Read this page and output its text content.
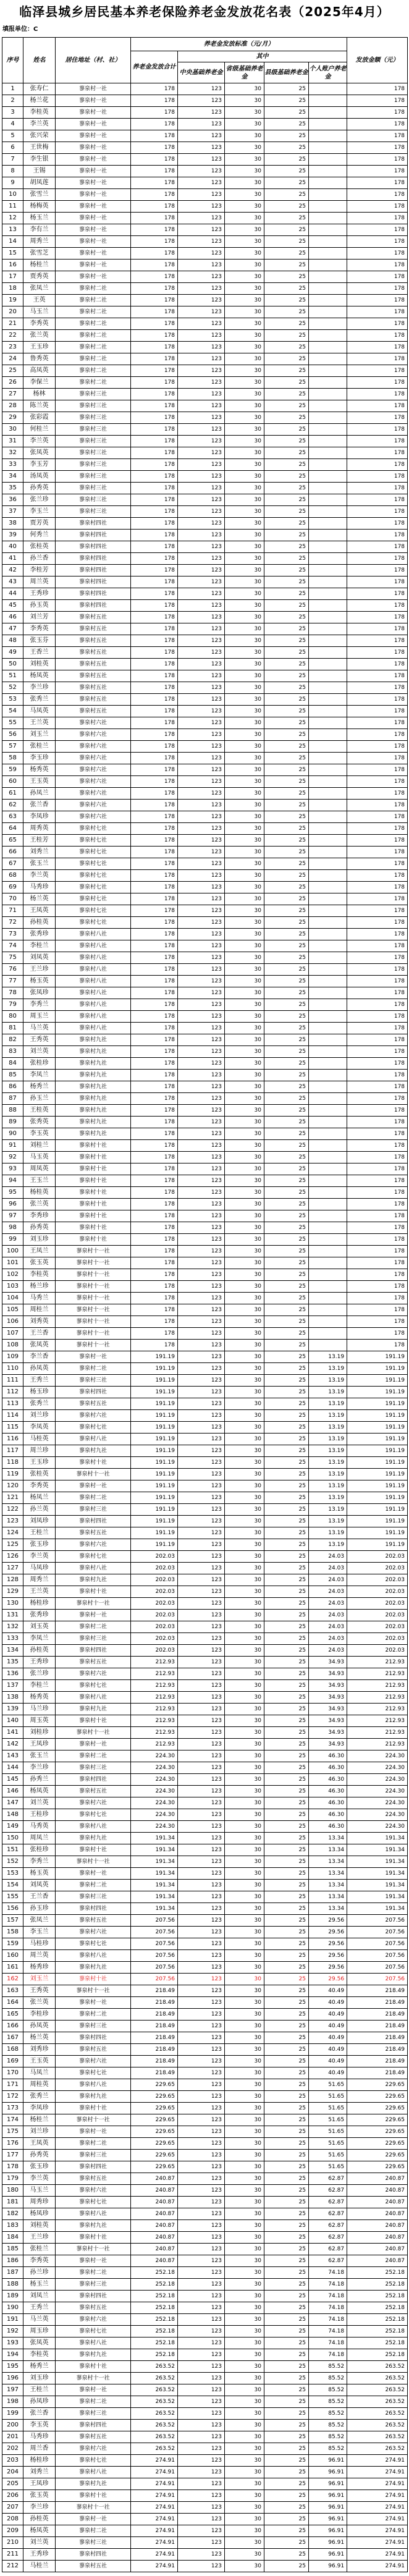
临泽县城乡居民基本养老保险养老金发放花名表（2025年4月）
填报单位：C
序号	姓名	居住地址（村、社）	养老金发放标准（元/月）					发放金额（元）
			养老金发放合计	其中				
				中央基础养老金	省级基础养老金	县级基础养老金	个人账户养老金	
1	张寿仁	蓼泉村一社	178	123	30	25		178
2	杨兰花	蓼泉村一社	178	123	30	25		178
3	李桂英	蓼泉村一社	178	123	30	25		178
4	李兰英	蓼泉村一社	178	123	30	25		178
5	张兴荣	蓼泉村一社	178	123	30	25		178
6	王世梅	蓼泉村一社	178	123	30	25		178
7	李生银	蓼泉村一社	178	123	30	25		178
8	王锡	蓼泉村一社	178	123	30	25		178
9	胡凤莲	蓼泉村一社	178	123	30	25		178
10	张雪兰	蓼泉村一社	178	123	30	25		178
11	杨梅英	蓼泉村一社	178	123	30	25		178
12	杨玉兰	蓼泉村一社	178	123	30	25		178
13	李有兰	蓼泉村一社	178	123	30	25		178
14	周秀兰	蓼泉村一社	178	123	30	25		178
15	张雪芝	蓼泉村一社	178	123	30	25		178
16	杨桂兰	蓼泉村一社	178	123	30	25		178
17	贾秀英	蓼泉村一社	178	123	30	25		178
18	张凤兰	蓼泉村二社	178	123	30	25		178
19	王英	蓼泉村二社	178	123	30	25		178
20	马玉兰	蓼泉村二社	178	123	30	25		178
21	李秀英	蓼泉村二社	178	123	30	25		178
22	张兰英	蓼泉村二社	178	123	30	25		178
23	王玉珍	蓼泉村二社	178	123	30	25		178
24	鲁秀英	蓼泉村二社	178	123	30	25		178
25	高凤英	蓼泉村二社	178	123	30	25		178
26	李保兰	蓼泉村二社	178	123	30	25		178
27	杨林	蓼泉村三社	178	123	30	25		178
28	陈兰英	蓼泉村三社	178	123	30	25		178
29	张彩霞	蓼泉村三社	178	123	30	25		178
30	何桂兰	蓼泉村三社	178	123	30	25		178
31	李兰英	蓼泉村三社	178	123	30	25		178
32	张凤英	蓼泉村三社	178	123	30	25		178
33	李玉芳	蓼泉村三社	178	123	30	25		178
34	汤凤英	蓼泉村三社	178	123	30	25		178
35	孙秀英	蓼泉村三社	178	123	30	25		178
36	张兰珍	蓼泉村三社	178	123	30	25		178
37	李玉兰	蓼泉村三社	178	123	30	25		178
38	贾芳英	蓼泉村四社	178	123	30	25		178
39	何秀兰	蓼泉村四社	178	123	30	25		178
40	张桂英	蓼泉村四社	178	123	30	25		178
41	孙兰香	蓼泉村四社	178	123	30	25		178
42	李桂芳	蓼泉村四社	178	123	30	25		178
43	周兰英	蓼泉村四社	178	123	30	25		178
44	王秀珍	蓼泉村四社	178	123	30	25		178
45	孙玉英	蓼泉村四社	178	123	30	25		178
46	刘兰芳	蓼泉村五社	178	123	30	25		178
47	李秀英	蓼泉村五社	178	123	30	25		178
48	张玉芬	蓼泉村五社	178	123	30	25		178
49	王香兰	蓼泉村五社	178	123	30	25		178
50	刘桂英	蓼泉村五社	178	123	30	25		178
51	杨凤英	蓼泉村五社	178	123	30	25		178
52	李兰珍	蓼泉村五社	178	123	30	25		178
53	张秀兰	蓼泉村五社	178	123	30	25		178
54	马凤英	蓼泉村五社	178	123	30	25		178
55	王兰英	蓼泉村六社	178	123	30	25		178
56	刘玉兰	蓼泉村六社	178	123	30	25		178
57	张桂兰	蓼泉村六社	178	123	30	25		178
58	李玉珍	蓼泉村六社	178	123	30	25		178
59	杨秀英	蓼泉村六社	178	123	30	25		178
60	王玉英	蓼泉村六社	178	123	30	25		178
61	孙凤兰	蓼泉村六社	178	123	30	25		178
62	张兰香	蓼泉村六社	178	123	30	25		178
63	李凤珍	蓼泉村六社	178	123	30	25		178
64	周秀英	蓼泉村七社	178	123	30	25		178
65	王桂芳	蓼泉村七社	178	123	30	25		178
66	刘秀兰	蓼泉村七社	178	123	30	25		178
67	张玉兰	蓼泉村七社	178	123	30	25		178
68	李兰英	蓼泉村七社	178	123	30	25		178
69	马秀珍	蓼泉村七社	178	123	30	25		178
70	杨兰英	蓼泉村七社	178	123	30	25		178
71	王凤英	蓼泉村七社	178	123	30	25		178
72	孙桂英	蓼泉村七社	178	123	30	25		178
73	张秀珍	蓼泉村八社	178	123	30	25		178
74	李桂兰	蓼泉村八社	178	123	30	25		178
75	刘凤英	蓼泉村八社	178	123	30	25		178
76	王兰珍	蓼泉村八社	178	123	30	25		178
77	杨玉英	蓼泉村八社	178	123	30	25		178
78	张凤珍	蓼泉村八社	178	123	30	25		178
79	李秀兰	蓼泉村八社	178	123	30	25		178
80	周玉兰	蓼泉村八社	178	123	30	25		178
81	马兰英	蓼泉村八社	178	123	30	25		178
82	王秀英	蓼泉村九社	178	123	30	25		178
83	刘兰英	蓼泉村九社	178	123	30	25		178
84	张桂珍	蓼泉村九社	178	123	30	25		178
85	李凤兰	蓼泉村九社	178	123	30	25		178
86	杨秀兰	蓼泉村九社	178	123	30	25		178
87	孙玉兰	蓼泉村九社	178	123	30	25		178
88	王桂英	蓼泉村九社	178	123	30	25		178
89	张秀英	蓼泉村九社	178	123	30	25		178
90	李玉英	蓼泉村九社	178	123	30	25		178
91	刘桂兰	蓼泉村十社	178	123	30	25		178
92	马玉英	蓼泉村十社	178	123	30	25		178
93	周凤英	蓼泉村十社	178	123	30	25		178
94	王玉兰	蓼泉村十社	178	123	30	25		178
95	杨桂英	蓼泉村十社	178	123	30	25		178
96	张兰英	蓼泉村十社	178	123	30	25		178
97	李秀珍	蓼泉村十社	178	123	30	25		178
98	孙秀英	蓼泉村十社	178	123	30	25		178
99	刘玉珍	蓼泉村十社	178	123	30	25		178
100	王凤兰	蓼泉村十一社	178	123	30	25		178
101	张玉英	蓼泉村十一社	178	123	30	25		178
102	李桂英	蓼泉村十一社	178	123	30	25		178
103	杨兰珍	蓼泉村十一社	178	123	30	25		178
104	马秀兰	蓼泉村十一社	178	123	30	25		178
105	周桂兰	蓼泉村十一社	178	123	30	25		178
106	刘秀英	蓼泉村十一社	178	123	30	25		178
107	王兰香	蓼泉村十一社	178	123	30	25		178
108	张凤英	蓼泉村十一社	178	123	30	25		178
109	李兰香	蓼泉村一社	191.19	123	30	25	13.19	191.19
110	孙凤英	蓼泉村二社	191.19	123	30	25	13.19	191.19
111	王秀兰	蓼泉村三社	191.19	123	30	25	13.19	191.19
112	杨玉珍	蓼泉村四社	191.19	123	30	25	13.19	191.19
113	张秀兰	蓼泉村五社	191.19	123	30	25	13.19	191.19
114	刘兰珍	蓼泉村六社	191.19	123	30	25	13.19	191.19
115	李凤英	蓼泉村七社	191.19	123	30	25	13.19	191.19
116	马桂英	蓼泉村八社	191.19	123	30	25	13.19	191.19
117	周兰珍	蓼泉村九社	191.19	123	30	25	13.19	191.19
118	王玉珍	蓼泉村十社	191.19	123	30	25	13.19	191.19
119	张桂英	蓼泉村十一社	191.19	123	30	25	13.19	191.19
120	李秀英	蓼泉村一社	191.19	123	30	25	13.19	191.19
121	杨凤兰	蓼泉村二社	191.19	123	30	25	13.19	191.19
122	孙兰英	蓼泉村三社	191.19	123	30	25	13.19	191.19
123	刘凤珍	蓼泉村四社	191.19	123	30	25	13.19	191.19
124	王桂兰	蓼泉村五社	191.19	123	30	25	13.19	191.19
125	张玉珍	蓼泉村六社	191.19	123	30	25	13.19	191.19
126	李兰英	蓼泉村七社	202.03	123	30	25	24.03	202.03
127	马凤珍	蓼泉村八社	202.03	123	30	25	24.03	202.03
128	周秀兰	蓼泉村九社	202.03	123	30	25	24.03	202.03
129	王兰英	蓼泉村十社	202.03	123	30	25	24.03	202.03
130	杨桂珍	蓼泉村十一社	202.03	123	30	25	24.03	202.03
131	张秀珍	蓼泉村一社	202.03	123	30	25	24.03	202.03
132	刘玉英	蓼泉村二社	202.03	123	30	25	24.03	202.03
133	李凤兰	蓼泉村三社	202.03	123	30	25	24.03	202.03
134	孙桂英	蓼泉村四社	202.03	123	30	25	24.03	202.03
135	王秀珍	蓼泉村五社	212.93	123	30	25	34.93	212.93
136	张兰珍	蓼泉村六社	212.93	123	30	25	34.93	212.93
137	李桂兰	蓼泉村七社	212.93	123	30	25	34.93	212.93
138	杨秀英	蓼泉村八社	212.93	123	30	25	34.93	212.93
139	马兰珍	蓼泉村九社	212.93	123	30	25	34.93	212.93
140	周玉英	蓼泉村十社	212.93	123	30	25	34.93	212.93
141	刘桂珍	蓼泉村十一社	212.93	123	30	25	34.93	212.93
142	王凤珍	蓼泉村一社	212.93	123	30	25	34.93	212.93
143	张玉兰	蓼泉村二社	224.30	123	30	25	46.30	224.30
144	李兰珍	蓼泉村三社	224.30	123	30	25	46.30	224.30
145	孙秀兰	蓼泉村四社	224.30	123	30	25	46.30	224.30
146	杨凤英	蓼泉村五社	224.30	123	30	25	46.30	224.30
147	刘兰英	蓼泉村六社	224.30	123	30	25	46.30	224.30
148	王桂珍	蓼泉村七社	224.30	123	30	25	46.30	224.30
149	马秀英	蓼泉村八社	224.30	123	30	25	46.30	224.30
150	周凤兰	蓼泉村九社	191.34	123	30	25	13.34	191.34
151	张桂珍	蓼泉村十社	191.34	123	30	25	13.34	191.34
152	李秀兰	蓼泉村十一社	191.34	123	30	25	13.34	191.34
153	杨玉英	蓼泉村一社	191.34	123	30	25	13.34	191.34
154	刘凤英	蓼泉村二社	191.34	123	30	25	13.34	191.34
155	王兰香	蓼泉村三社	191.34	123	30	25	13.34	191.34
156	孙玉珍	蓼泉村四社	191.34	123	30	25	13.34	191.34
157	张凤兰	蓼泉村五社	207.56	123	30	25	29.56	207.56
158	李玉兰	蓼泉村六社	207.56	123	30	25	29.56	207.56
159	马桂珍	蓼泉村七社	207.56	123	30	25	29.56	207.56
160	周兰英	蓼泉村八社	207.56	123	30	25	29.56	207.56
161	杨秀珍	蓼泉村九社	207.56	123	30	25	29.56	207.56
162	刘玉兰	蓼泉村十社	207.56	123	30	25	29.56	207.56
163	王秀英	蓼泉村十一社	218.49	123	30	25	40.49	218.49
164	张兰英	蓼泉村一社	218.49	123	30	25	40.49	218.49
165	李桂珍	蓼泉村二社	218.49	123	30	25	40.49	218.49
166	孙凤英	蓼泉村三社	218.49	123	30	25	40.49	218.49
167	杨兰英	蓼泉村四社	218.49	123	30	25	40.49	218.49
168	刘秀珍	蓼泉村五社	218.49	123	30	25	40.49	218.49
169	王玉英	蓼泉村六社	218.49	123	30	25	40.49	218.49
170	马凤兰	蓼泉村七社	218.49	123	30	25	40.49	218.49
171	周桂英	蓼泉村八社	229.65	123	30	25	51.65	229.65
172	张秀兰	蓼泉村九社	229.65	123	30	25	51.65	229.65
173	李凤珍	蓼泉村十社	229.65	123	30	25	51.65	229.65
174	杨桂兰	蓼泉村十一社	229.65	123	30	25	51.65	229.65
175	刘兰珍	蓼泉村一社	229.65	123	30	25	51.65	229.65
176	王凤英	蓼泉村二社	229.65	123	30	25	51.65	229.65
177	孙秀英	蓼泉村三社	229.65	123	30	25	51.65	229.65
178	张玉珍	蓼泉村四社	229.65	123	30	25	51.65	229.65
179	李兰英	蓼泉村五社	240.87	123	30	25	62.87	240.87
180	马玉兰	蓼泉村六社	240.87	123	30	25	62.87	240.87
181	周秀珍	蓼泉村七社	240.87	123	30	25	62.87	240.87
182	杨凤珍	蓼泉村八社	240.87	123	30	25	62.87	240.87
183	刘桂英	蓼泉村九社	240.87	123	30	25	62.87	240.87
184	王兰珍	蓼泉村十社	240.87	123	30	25	62.87	240.87
185	张桂兰	蓼泉村十一社	240.87	123	30	25	62.87	240.87
186	李秀英	蓼泉村一社	240.87	123	30	25	62.87	240.87
187	孙兰珍	蓼泉村二社	252.18	123	30	25	74.18	252.18
188	杨玉兰	蓼泉村三社	252.18	123	30	25	74.18	252.18
189	刘凤兰	蓼泉村四社	252.18	123	30	25	74.18	252.18
190	王秀兰	蓼泉村五社	252.18	123	30	25	74.18	252.18
191	马兰英	蓼泉村六社	252.18	123	30	25	74.18	252.18
192	周玉珍	蓼泉村七社	252.18	123	30	25	74.18	252.18
193	张凤英	蓼泉村八社	252.18	123	30	25	74.18	252.18
194	李桂英	蓼泉村九社	252.18	123	30	25	74.18	252.18
195	杨秀兰	蓼泉村十社	263.52	123	30	25	85.52	263.52
196	刘玉珍	蓼泉村十一社	263.52	123	30	25	85.52	263.52
197	王桂兰	蓼泉村一社	263.52	123	30	25	85.52	263.52
198	孙凤珍	蓼泉村二社	263.52	123	30	25	85.52	263.52
199	张兰香	蓼泉村三社	263.52	123	30	25	85.52	263.52
200	李玉英	蓼泉村四社	263.52	123	30	25	85.52	263.52
201	马秀珍	蓼泉村五社	263.52	123	30	25	85.52	263.52
202	周兰香	蓼泉村六社	263.52	123	30	25	85.52	263.52
203	杨桂珍	蓼泉村七社	274.91	123	30	25	96.91	274.91
204	刘秀兰	蓼泉村八社	274.91	123	30	25	96.91	274.91
205	王凤珍	蓼泉村九社	274.91	123	30	25	96.91	274.91
206	张玉英	蓼泉村十社	274.91	123	30	25	96.91	274.91
207	李兰珍	蓼泉村十一社	274.91	123	30	25	96.91	274.91
208	孙桂英	蓼泉村一社	274.91	123	30	25	96.91	274.91
209	杨凤英	蓼泉村二社	274.91	123	30	25	96.91	274.91
210	刘兰英	蓼泉村三社	274.91	123	30	25	96.91	274.91
211	王秀珍	蓼泉村四社	274.91	123	30	25	96.91	274.91
212	马桂兰	蓼泉村五社	274.91	123	30	25	96.91	274.91
